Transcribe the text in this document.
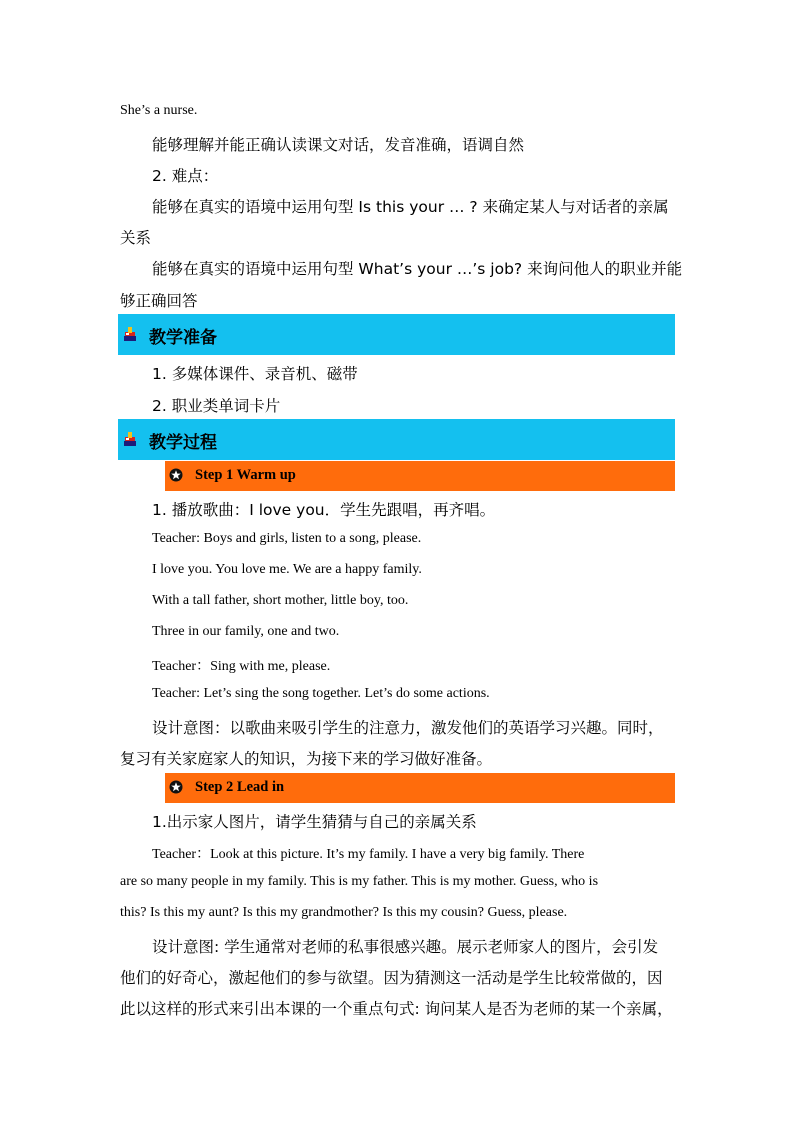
She’s a nurse.
能够理解并能正确认读课文对话，发音准确，语调自然
2. 难点：
能够在真实的语境中运用句型 Is this your … ? 来确定某人与对话者的亲属
关系
能够在真实的语境中运用句型 What’s your …’s job? 来询问他人的职业并能
够正确回答
教学准备
1. 多媒体课件、录音机、磁带
2. 职业类单词卡片
教学过程
Step 1 Warm up
1. 播放歌曲：I love you．学生先跟唱，再齐唱。
Teacher: Boys and girls, listen to a song, please.
I love you. You love me. We are a happy family.
With a tall father, short mother, little boy, too.
Three in our family, one and two.
Teacher：Sing with me, please.
Teacher: Let’s sing the song together. Let’s do some actions.
设计意图：以歌曲来吸引学生的注意力，激发他们的英语学习兴趣。同时，
复习有关家庭家人的知识，为接下来的学习做好准备。
Step 2 Lead in
1.出示家人图片，请学生猜猜与自己的亲属关系
Teacher：Look at this picture. It’s my family. I have a very big family. There
are so many people in my family. This is my father. This is my mother. Guess, who is
this? Is this my aunt? Is this my grandmother? Is this my cousin? Guess, please.
设计意图: 学生通常对老师的私事很感兴趣。展示老师家人的图片，会引发
他们的好奇心，激起他们的参与欲望。因为猜测这一活动是学生比较常做的，因
此以这样的形式来引出本课的一个重点句式: 询问某人是否为老师的某一个亲属，
